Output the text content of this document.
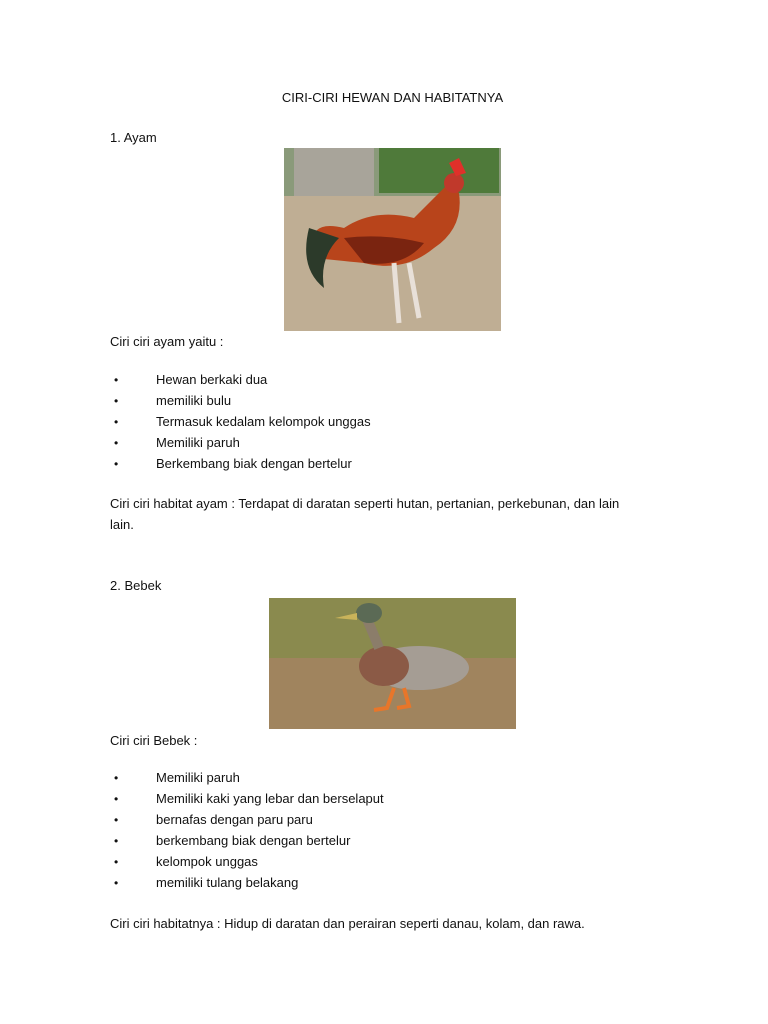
CIRI-CIRI HEWAN DAN HABITATNYA
1. Ayam
Ciri ciri ayam yaitu :
•	Hewan berkaki dua
•	memiliki bulu
•	Termasuk kedalam kelompok unggas
•	Memiliki paruh
•	Berkembang biak dengan bertelur
Ciri ciri habitat ayam : Terdapat di daratan seperti hutan, pertanian, perkebunan, dan lain
lain.
2. Bebek
Ciri ciri Bebek :
•	Memiliki paruh
•	Memiliki kaki yang lebar dan berselaput
•	bernafas dengan paru paru
•	berkembang biak dengan bertelur
•	kelompok unggas
•	memiliki tulang belakang
Ciri ciri habitatnya : Hidup di daratan dan perairan seperti danau, kolam, dan rawa.
